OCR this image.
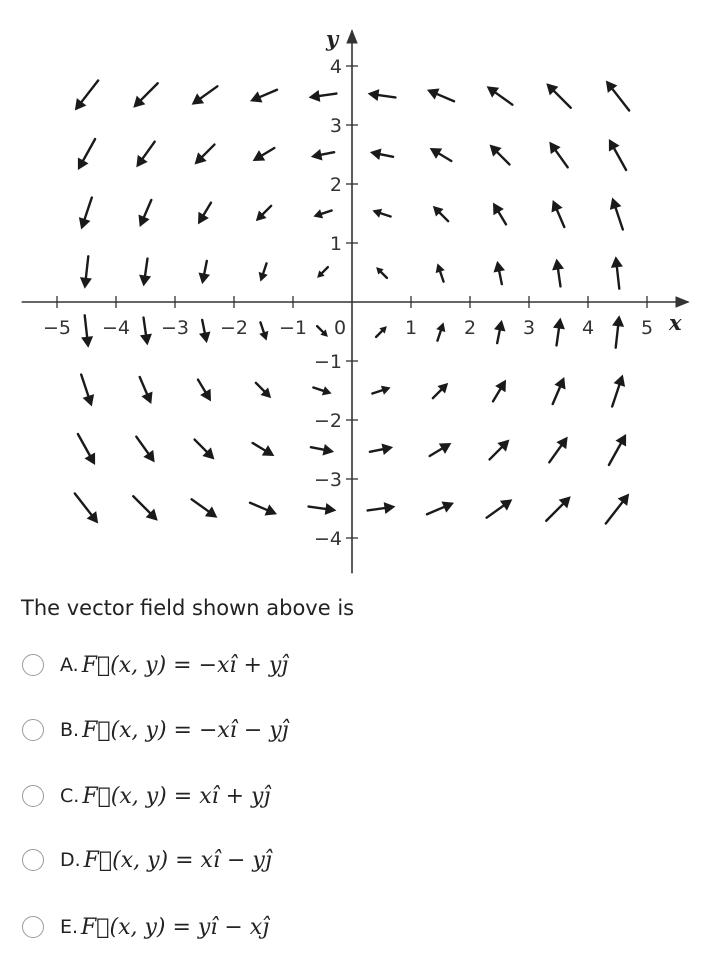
−5 −4 −3 −2 −1 0	1 2 3 4 5
1
2
3
4
−1
−2
−3
−4
x
y

The vector field shown above is

A. F⃗(x, y) = −xî + yĵ
B. F⃗(x, y) = −xî − yĵ
C. F⃗(x, y) = xî + yĵ
D. F⃗(x, y) = xî − yĵ
E. F⃗(x, y) = yî − xĵ
